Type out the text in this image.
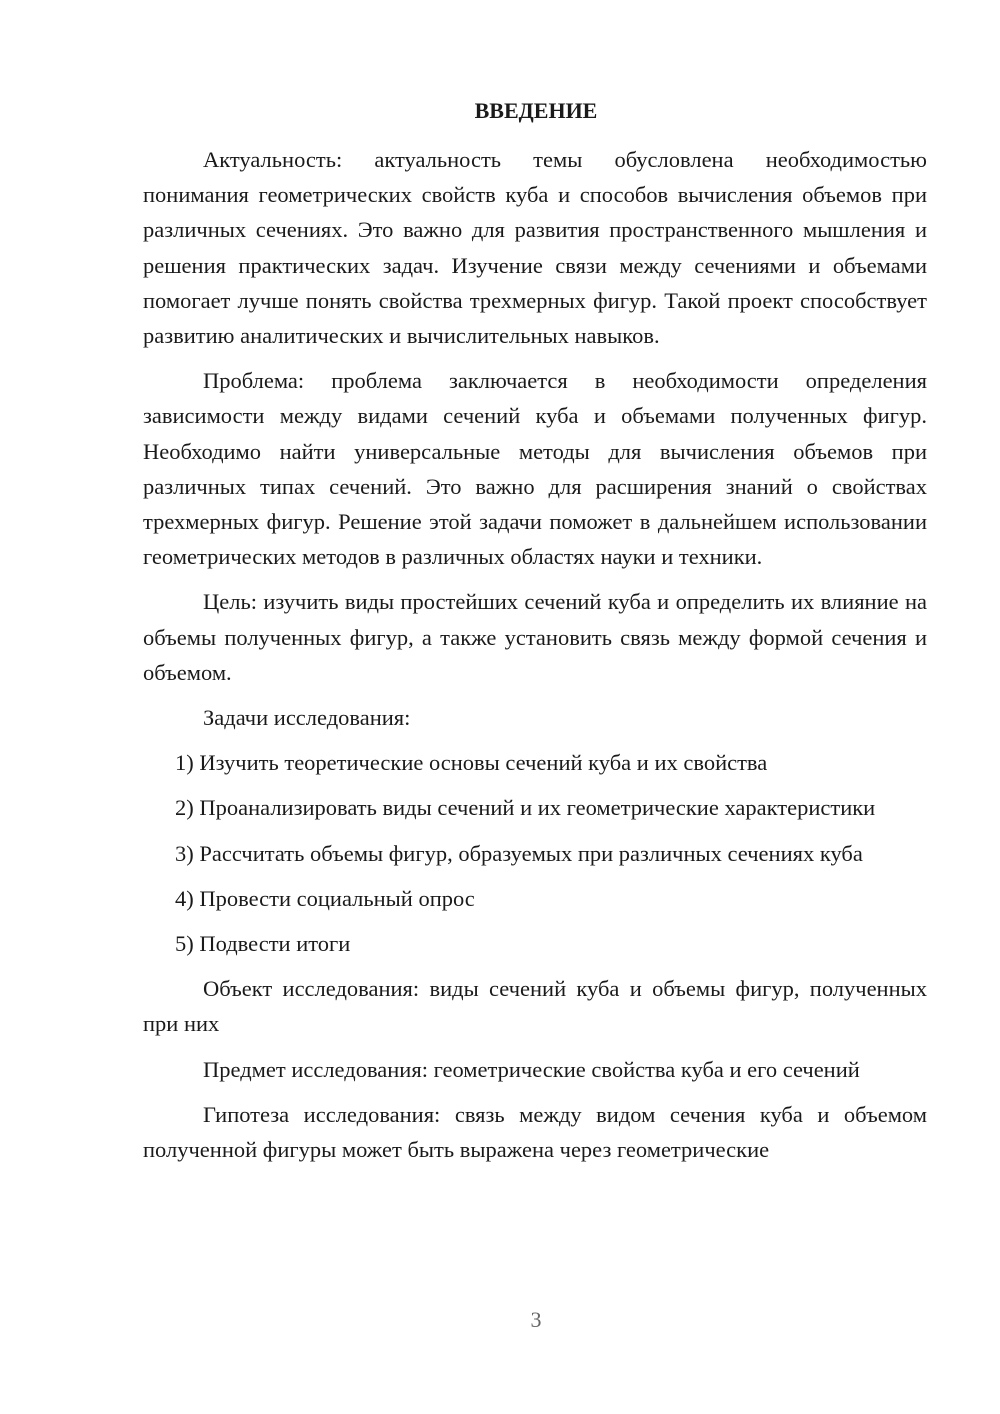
ВВЕДЕНИЕ

Актуальность: актуальность темы обусловлена необходимостью понимания геометрических свойств куба и способов вычисления объемов при различных сечениях. Это важно для развития пространственного мышления и решения практических задач. Изучение связи между сечениями и объемами помогает лучше понять свойства трехмерных фигур. Такой проект способствует развитию аналитических и вычислительных навыков.

Проблема: проблема заключается в необходимости определения зависимости между видами сечений куба и объемами полученных фигур. Необходимо найти универсальные методы для вычисления объемов при различных типах сечений. Это важно для расширения знаний о свойствах трехмерных фигур. Решение этой задачи поможет в дальнейшем использовании геометрических методов в различных областях науки и техники.

Цель: изучить виды простейших сечений куба и определить их влияние на объемы полученных фигур, а также установить связь между формой сечения и объемом.

Задачи исследования:

1) Изучить теоретические основы сечений куба и их свойства

2) Проанализировать виды сечений и их геометрические характеристики

3) Рассчитать объемы фигур, образуемых при различных сечениях куба

4) Провести социальный опрос

5) Подвести итоги

Объект исследования: виды сечений куба и объемы фигур, полученных при них

Предмет исследования: геометрические свойства куба и его сечений

Гипотеза исследования: связь между видом сечения куба и объемом полученной фигуры может быть выражена через геометрические

3
